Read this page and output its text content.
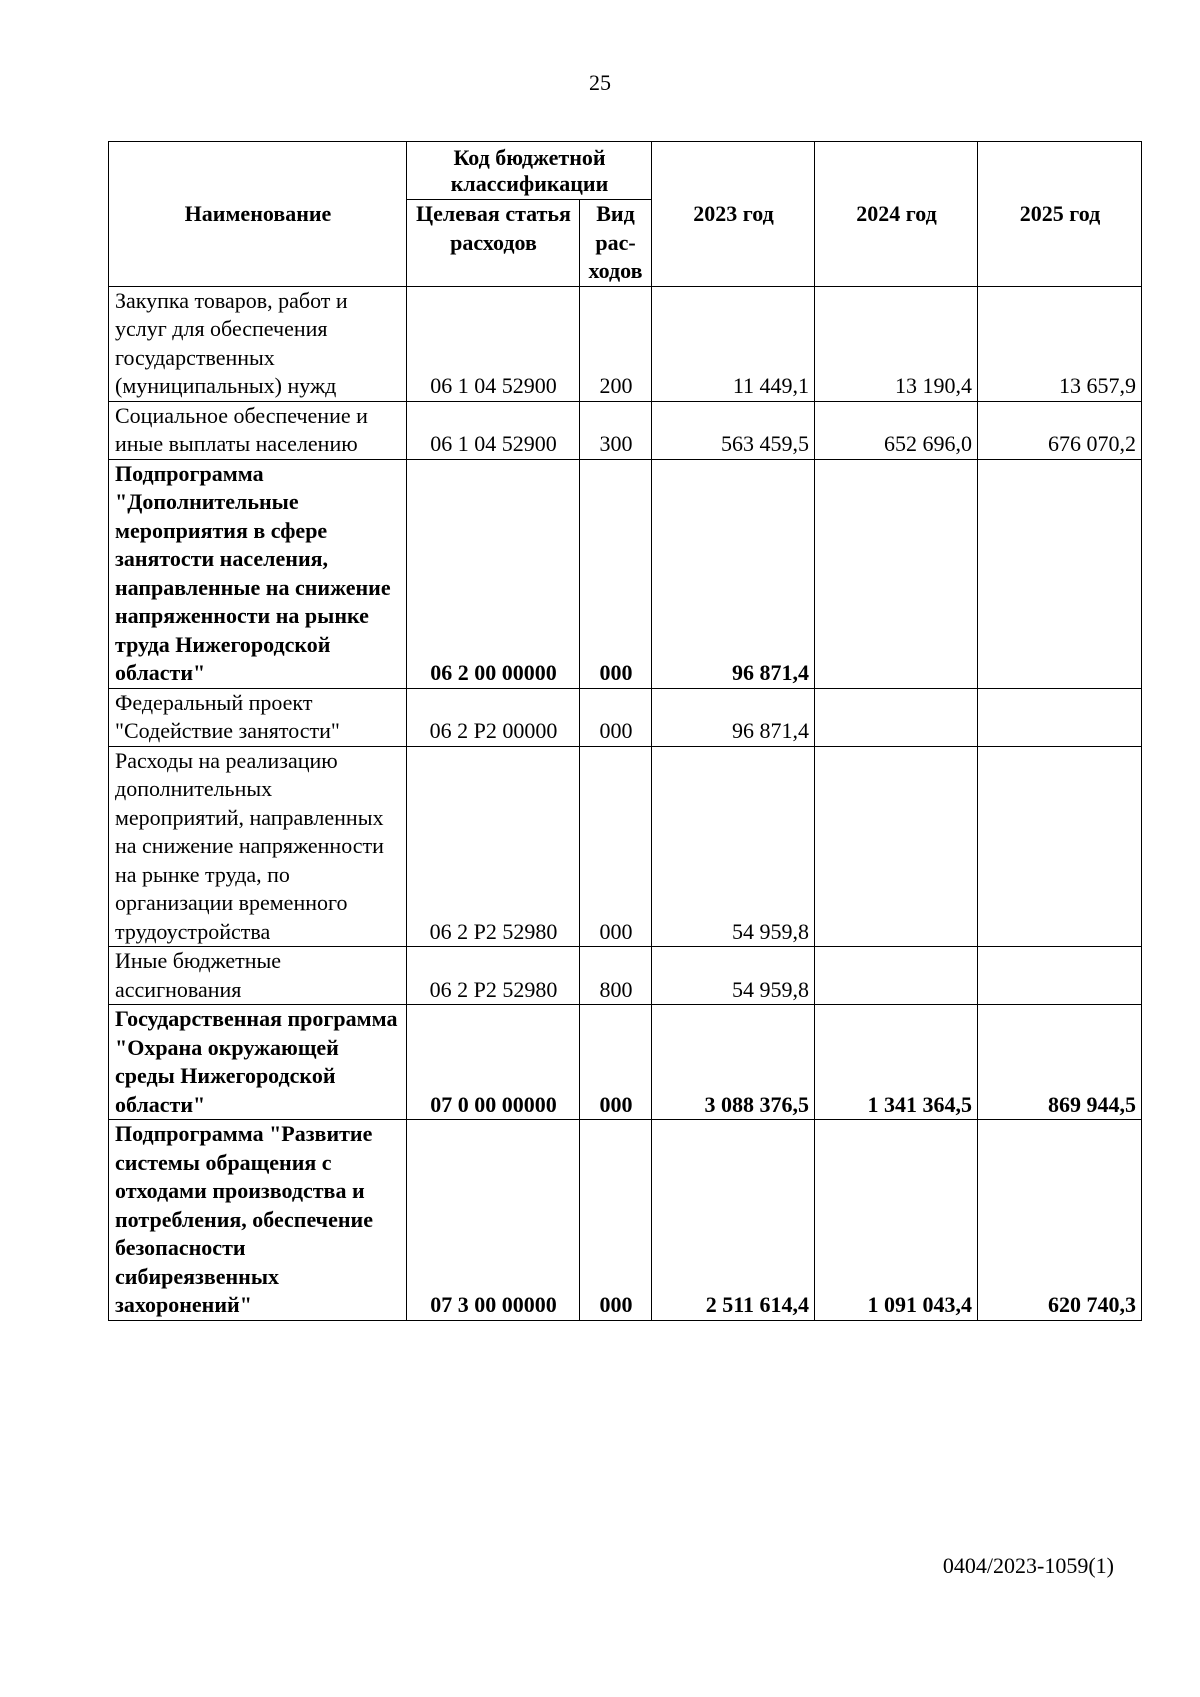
25
Наименование	Код бюджетной классификации		2023 год	2024 год	2025 год
	Целевая статья расходов	Вид рас-ходов			
Закупка товаров, работ и услуг для обеспечения государственных (муниципальных) нужд	06 1 04 52900	200	11 449,1	13 190,4	13 657,9
Социальное обеспечение и иные выплаты населению	06 1 04 52900	300	563 459,5	652 696,0	676 070,2
Подпрограмма "Дополнительные мероприятия в сфере занятости населения, направленные на снижение напряженности на рынке труда Нижегородской области"	06 2 00 00000	000	96 871,4		
Федеральный проект "Содействие занятости"	06 2 P2 00000	000	96 871,4		
Расходы на реализацию дополнительных мероприятий, направленных на снижение напряженности на рынке труда, по организации временного трудоустройства	06 2 P2 52980	000	54 959,8		
Иные бюджетные ассигнования	06 2 P2 52980	800	54 959,8		
Государственная программа "Охрана окружающей среды Нижегородской области"	07 0 00 00000	000	3 088 376,5	1 341 364,5	869 944,5
Подпрограмма "Развитие системы обращения с отходами производства и потребления, обеспечение безопасности сибиреязвенных захоронений"	07 3 00 00000	000	2 511 614,4	1 091 043,4	620 740,3
0404/2023-1059(1)
